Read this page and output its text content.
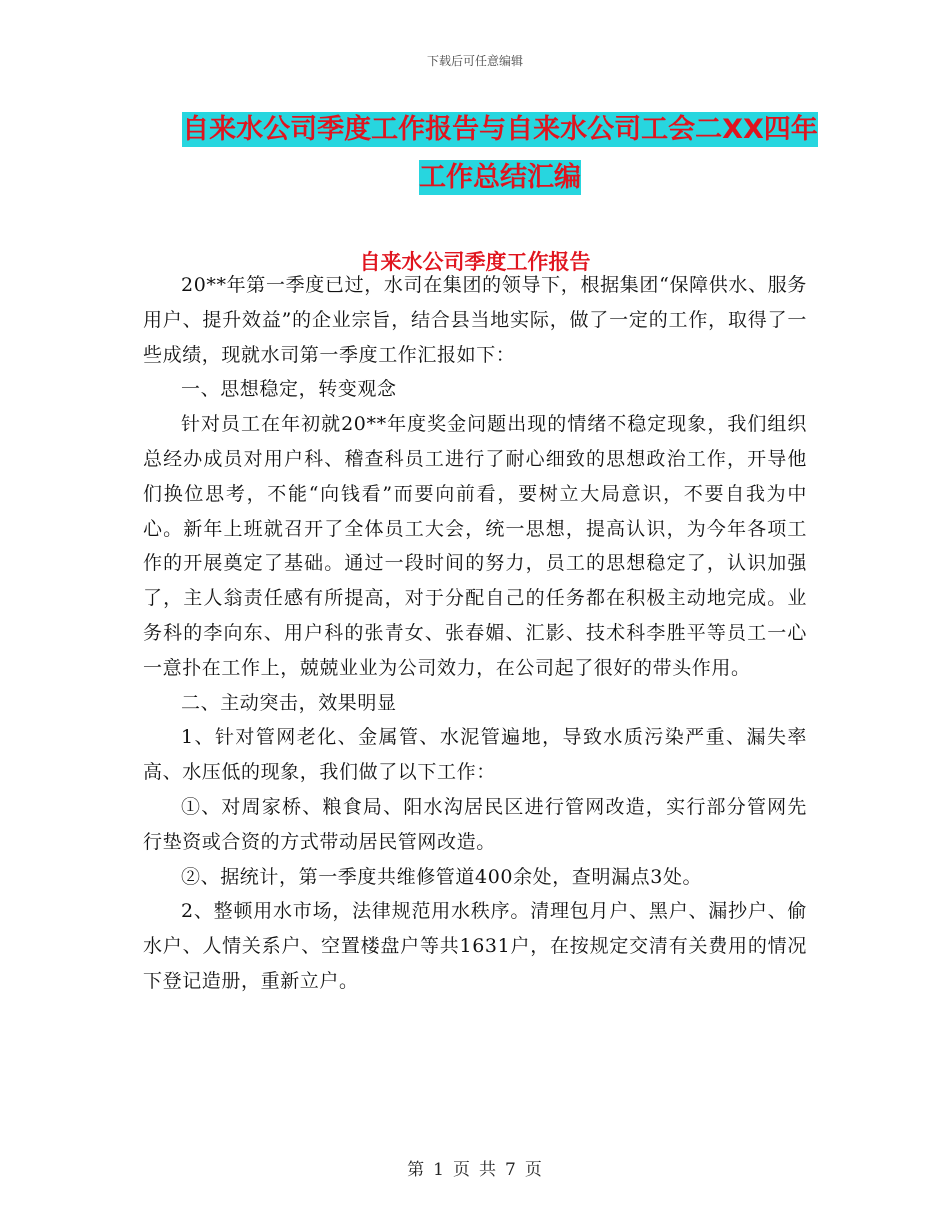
下载后可任意编辑
自来水公司季度工作报告与自来水公司工会二XX四年
工作总结汇编
自来水公司季度工作报告

20**年第一季度已过，水司在集团的领导下，根据集团“保障供水、服务用户、提升效益”的企业宗旨，结合县当地实际，做了一定的工作，取得了一些成绩，现就水司第一季度工作汇报如下：

一、思想稳定，转变观念

针对员工在年初就20**年度奖金问题出现的情绪不稳定现象，我们组织总经办成员对用户科、稽查科员工进行了耐心细致的思想政治工作，开导他们换位思考，不能“向钱看”而要向前看，要树立大局意识，不要自我为中心。新年上班就召开了全体员工大会，统一思想，提高认识，为今年各项工作的开展奠定了基础。通过一段时间的努力，员工的思想稳定了，认识加强了，主人翁责任感有所提高，对于分配自己的任务都在积极主动地完成。业务科的李向东、用户科的张青女、张春媚、汇影、技术科李胜平等员工一心一意扑在工作上，兢兢业业为公司效力，在公司起了很好的带头作用。

二、主动突击，效果明显

1、针对管网老化、金属管、水泥管遍地，导致水质污染严重、漏失率高、水压低的现象，我们做了以下工作：

①、对周家桥、粮食局、阳水沟居民区进行管网改造，实行部分管网先行垫资或合资的方式带动居民管网改造。

②、据统计，第一季度共维修管道400余处，查明漏点3处。

2、整顿用水市场，法律规范用水秩序。清理包月户、黑户、漏抄户、偷水户、人情关系户、空置楼盘户等共1631户，在按规定交清有关费用的情况下登记造册，重新立户。

第 1 页 共 7 页
